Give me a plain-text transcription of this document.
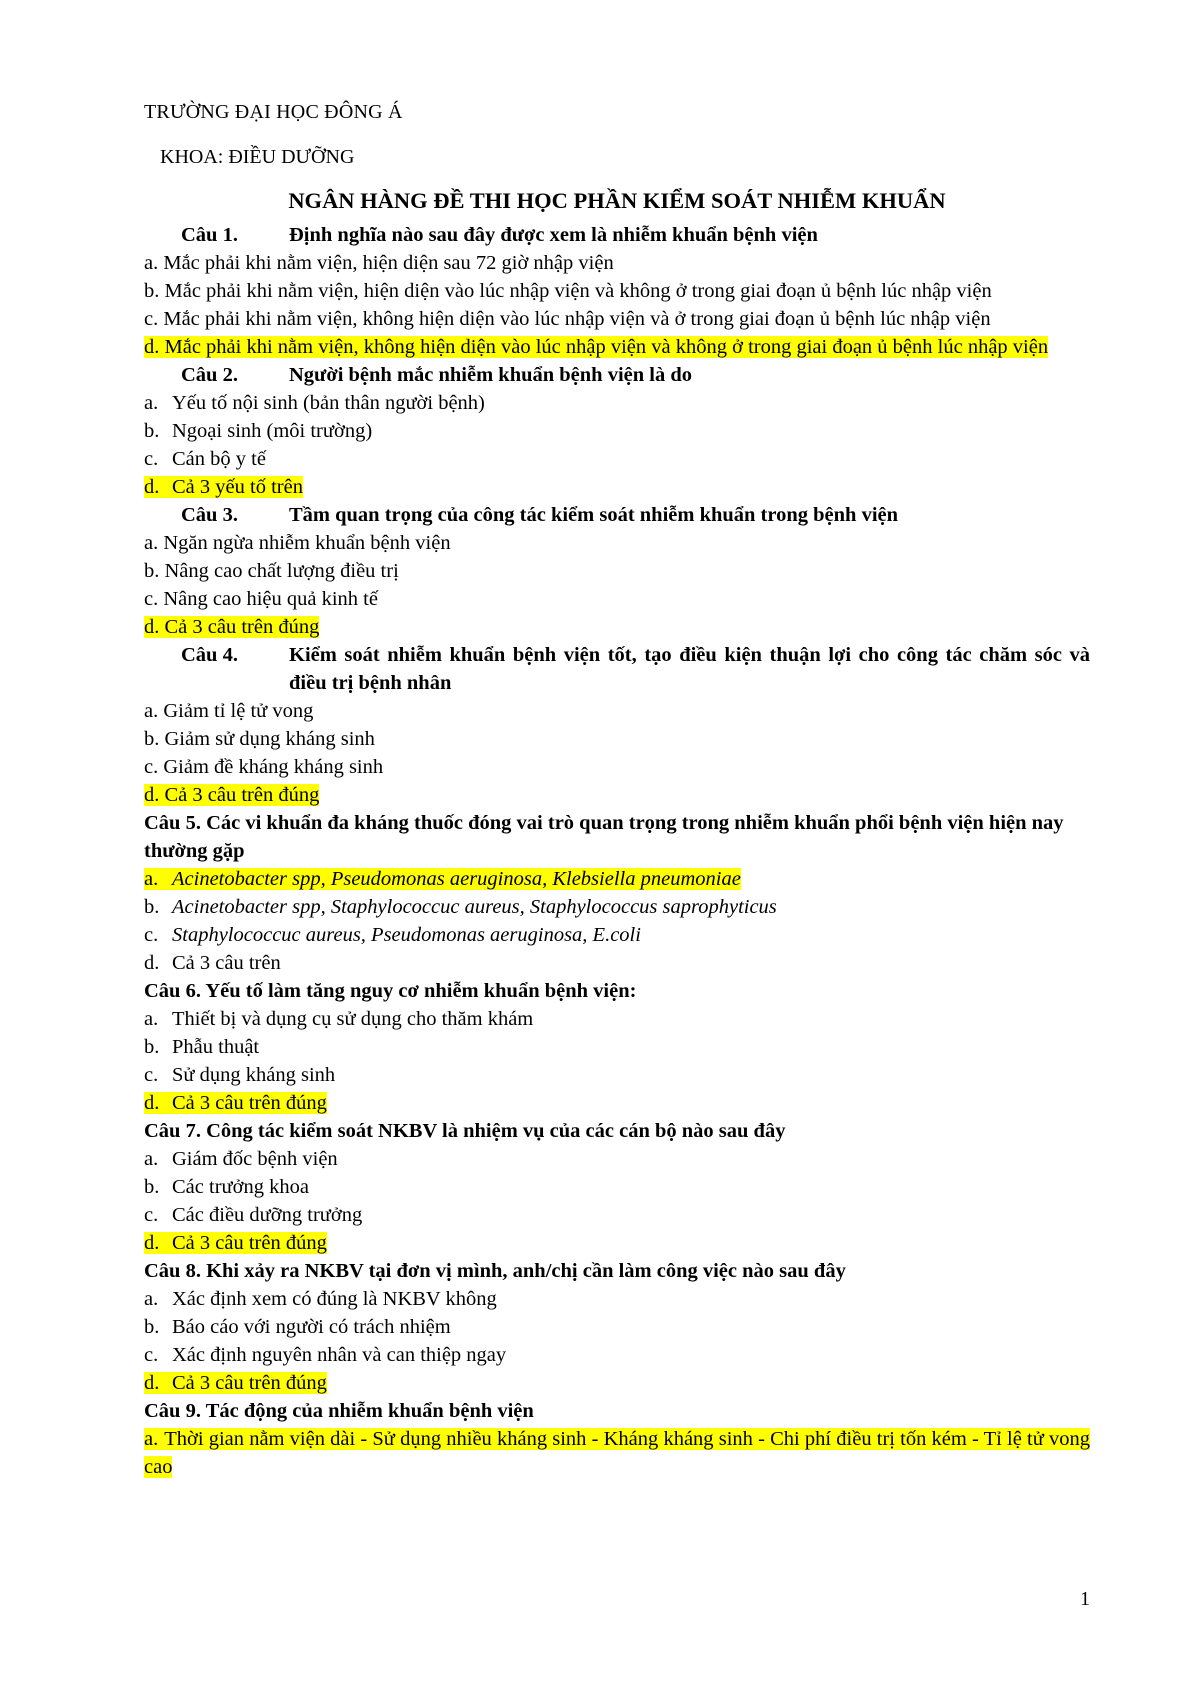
TRƯỜNG ĐẠI HỌC ĐÔNG Á
KHOA: ĐIỀU DƯỠNG
NGÂN HÀNG ĐỀ THI HỌC PHẦN KIỂM SOÁT NHIỄM KHUẨN
Câu 1.	Định nghĩa nào sau đây được xem là nhiễm khuẩn bệnh viện
a. Mắc phải khi nằm viện, hiện diện sau 72 giờ nhập viện
b. Mắc phải khi nằm viện, hiện diện vào lúc nhập viện và không ở trong giai đoạn ủ bệnh lúc nhập viện
c. Mắc phải khi nằm viện, không hiện diện vào lúc nhập viện và ở trong giai đoạn ủ bệnh lúc nhập viện
d. Mắc phải khi nằm viện, không hiện diện vào lúc nhập viện và không ở trong giai đoạn ủ bệnh lúc nhập viện
Câu 2.	Người bệnh mắc nhiễm khuẩn bệnh viện là do
a. Yếu tố nội sinh (bản thân người bệnh)
b. Ngoại sinh (môi trường)
c. Cán bộ y tế
d. Cả 3 yếu tố trên
Câu 3.	Tầm quan trọng của công tác kiểm soát nhiễm khuẩn trong bệnh viện
a. Ngăn ngừa nhiễm khuẩn bệnh viện
b. Nâng cao chất lượng điều trị
c. Nâng cao hiệu quả kinh tế
d. Cả 3 câu trên đúng
Câu 4.	Kiểm soát nhiễm khuẩn bệnh viện tốt, tạo điều kiện thuận lợi cho công tác chăm sóc và điều trị bệnh nhân
a. Giảm tỉ lệ tử vong
b. Giảm sử dụng kháng sinh
c. Giảm đề kháng kháng sinh
d. Cả 3 câu trên đúng
Câu 5. Các vi khuẩn đa kháng thuốc đóng vai trò quan trọng trong nhiễm khuẩn phổi bệnh viện hiện nay thường gặp
a. Acinetobacter spp, Pseudomonas aeruginosa, Klebsiella pneumoniae
b. Acinetobacter spp, Staphylococcuc aureus, Staphylococcus saprophyticus
c. Staphylococcuc aureus, Pseudomonas aeruginosa, E.coli
d. Cả 3 câu trên
Câu 6. Yếu tố làm tăng nguy cơ nhiễm khuẩn bệnh viện:
a. Thiết bị và dụng cụ sử dụng cho thăm khám
b. Phẫu thuật
c. Sử dụng kháng sinh
d. Cả 3 câu trên đúng
Câu 7. Công tác kiểm soát NKBV là nhiệm vụ của các cán bộ nào sau đây
a. Giám đốc bệnh viện
b. Các trưởng khoa
c. Các điều dưỡng trưởng
d. Cả 3 câu trên đúng
Câu 8. Khi xảy ra NKBV tại đơn vị mình, anh/chị cần làm công việc nào sau đây
a. Xác định xem có đúng là NKBV không
b. Báo cáo với người có trách nhiệm
c. Xác định nguyên nhân và can thiệp ngay
d. Cả 3 câu trên đúng
Câu 9. Tác động của nhiễm khuẩn bệnh viện
a. Thời gian nằm viện dài - Sử dụng nhiều kháng sinh - Kháng kháng sinh - Chi phí điều trị tốn kém - Tỉ lệ tử vong cao
1
